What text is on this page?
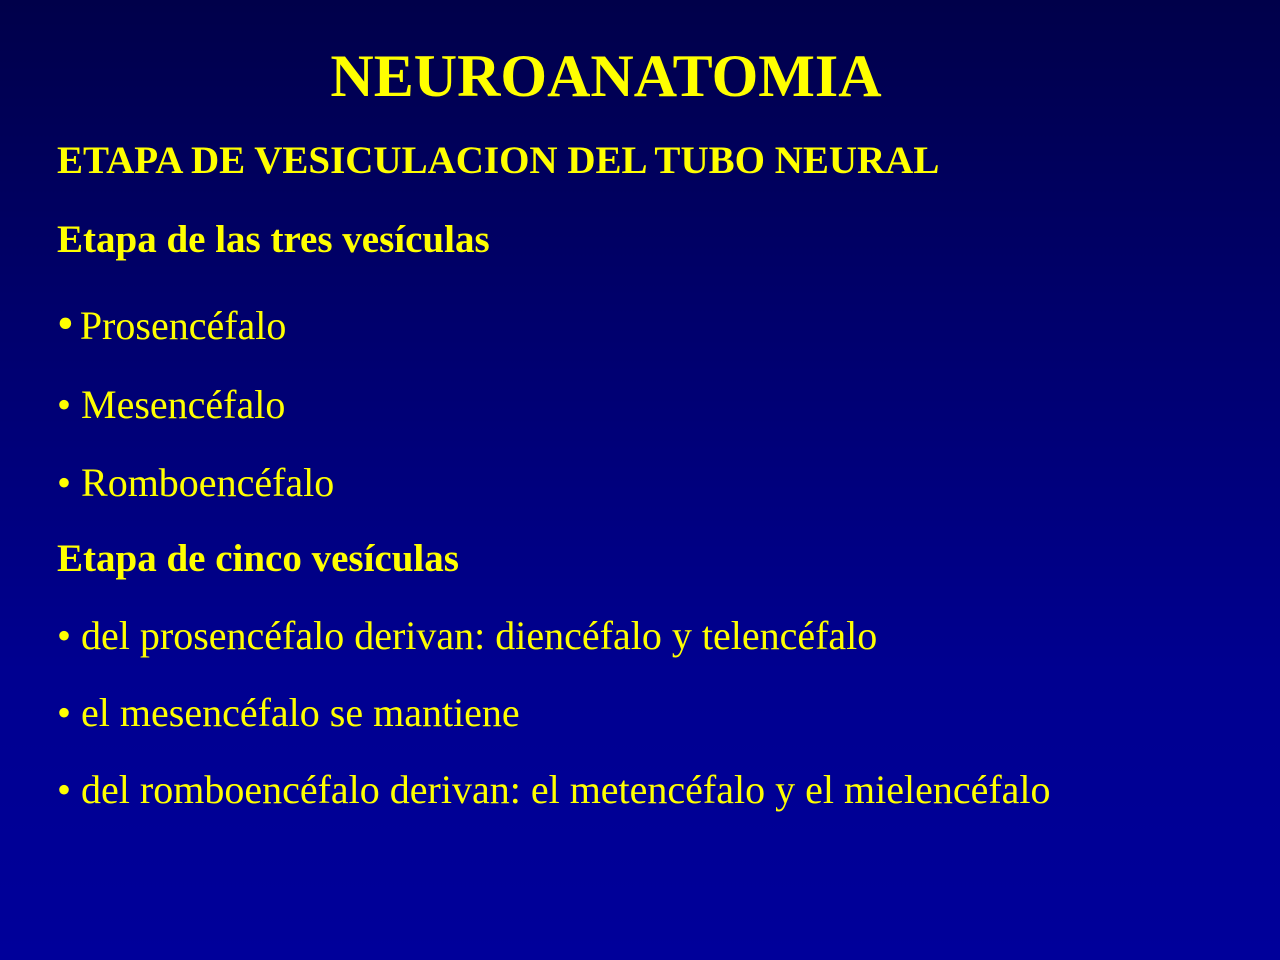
NEUROANATOMIA
ETAPA DE VESICULACION DEL TUBO NEURAL
Etapa de las tres vesículas
• Prosencéfalo
• Mesencéfalo
• Romboencéfalo
Etapa de cinco vesículas
• del prosencéfalo derivan: diencéfalo y telencéfalo
• el mesencéfalo se mantiene
• del romboencéfalo derivan: el metencéfalo y el mielencéfalo
